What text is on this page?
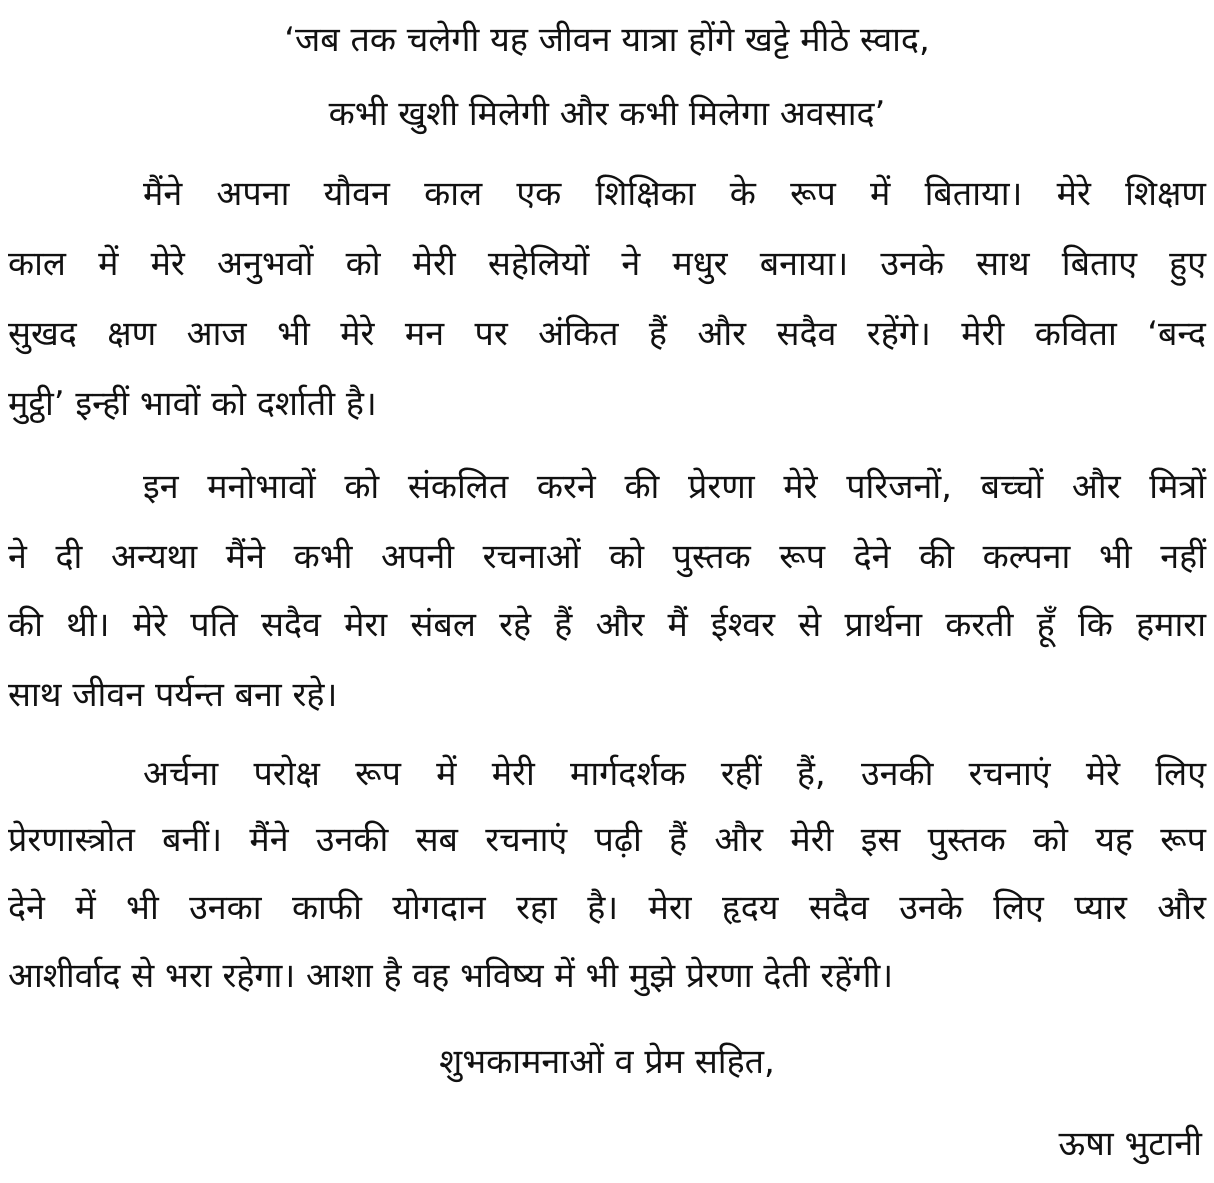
‘जब तक चलेगी यह जीवन यात्रा होंगे खट्टे मीठे स्वाद,
कभी खुशी मिलेगी और कभी मिलेगा अवसाद’
मैंने अपना यौवन काल एक शिक्षिका के रूप में बिताया। मेरे शिक्षण
काल में मेरे अनुभवों को मेरी सहेलियों ने मधुर बनाया। उनके साथ बिताए हुए
सुखद क्षण आज भी मेरे मन पर अंकित हैं और सदैव रहेंगे। मेरी कविता ‘बन्द
मुट्ठी’ इन्हीं भावों को दर्शाती है।
इन मनोभावों को संकलित करने की प्रेरणा मेरे परिजनों, बच्चों और मित्रों
ने दी अन्यथा मैंने कभी अपनी रचनाओं को पुस्तक रूप देने की कल्पना भी नहीं
की थी। मेरे पति सदैव मेरा संबल रहे हैं और मैं ईश्वर से प्रार्थना करती हूँ कि हमारा
साथ जीवन पर्यन्त बना रहे।
अर्चना परोक्ष रूप में मेरी मार्गदर्शक रहीं हैं, उनकी रचनाएं मेरे लिए
प्रेरणास्त्रोत बनीं। मैंने उनकी सब रचनाएं पढ़ी हैं और मेरी इस पुस्तक को यह रूप
देने में भी उनका काफी योगदान रहा है। मेरा हृदय सदैव उनके लिए प्यार और
आशीर्वाद से भरा रहेगा। आशा है वह भविष्य में भी मुझे प्रेरणा देती रहेंगी।
शुभकामनाओं व प्रेम सहित,
ऊषा भुटानी
